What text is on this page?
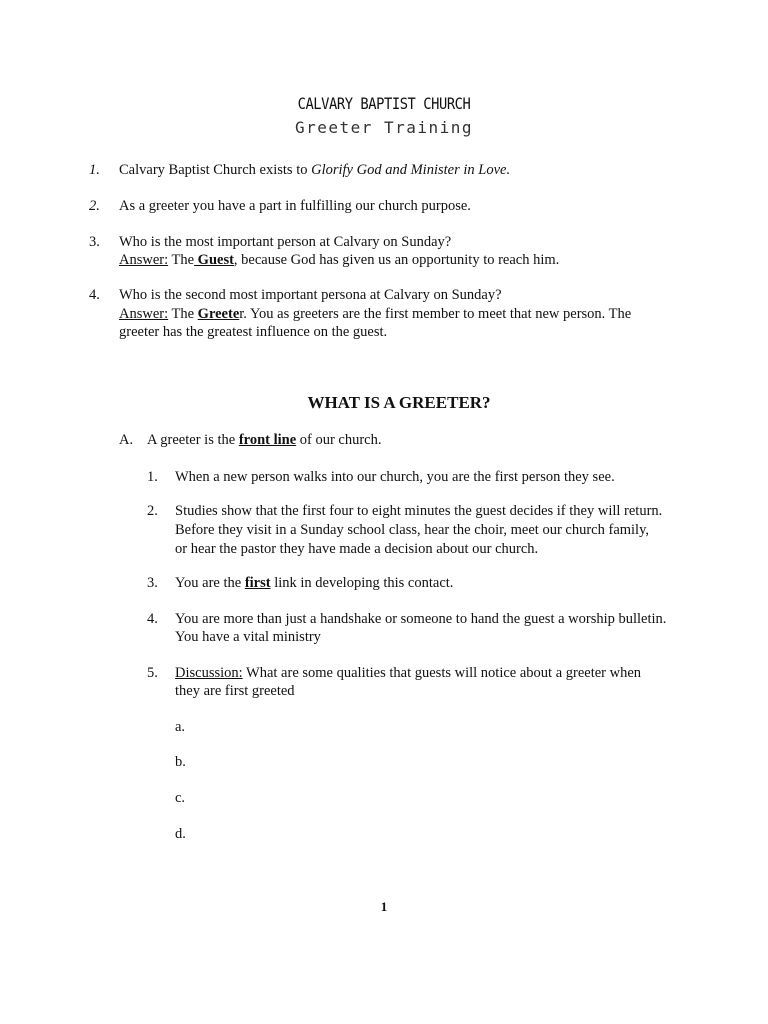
CALVARY BAPTIST CHURCH
Greeter Training
1. Calvary Baptist Church exists to Glorify God and Minister in Love.
2. As a greeter you have a part in fulfilling our church purpose.
3. Who is the most important person at Calvary on Sunday?
Answer: The Guest, because God has given us an opportunity to reach him.
4. Who is the second most important persona at Calvary on Sunday?
Answer: The Greeter. You as greeters are the first member to meet that new person. The
greeter has the greatest influence on the guest.
WHAT IS A GREETER?
A. A greeter is the front line of our church.
1. When a new person walks into our church, you are the first person they see.
2. Studies show that the first four to eight minutes the guest decides if they will return.
Before they visit in a Sunday school class, hear the choir, meet our church family,
or hear the pastor they have made a decision about our church.
3. You are the first link in developing this contact.
4. You are more than just a handshake or someone to hand the guest a worship bulletin.
You have a vital ministry
5. Discussion: What are some qualities that guests will notice about a greeter when
they are first greeted
a.
b.
c.
d.
1
